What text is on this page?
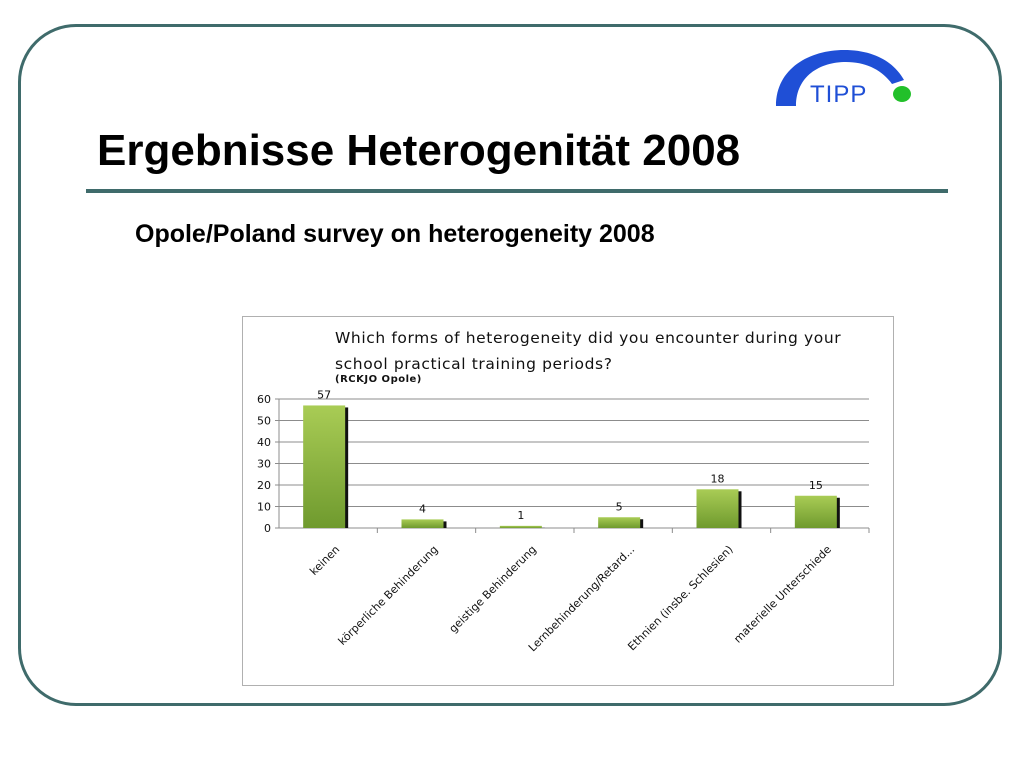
TIPP
Ergebnisse Heterogenität 2008
Opole/Poland survey on heterogeneity 2008
0
10
20
30
40
50
60	57
keinen
4
körperliche Behinderung
1
geistige Behinderung
5
Lernbehinderung/Retard...
18
Ethnien (insbe. Schlesien)
15
materielle Unterschiede
Which forms of heterogeneity did you encounter during your school practical training periods?
(RCKJO Opole)
